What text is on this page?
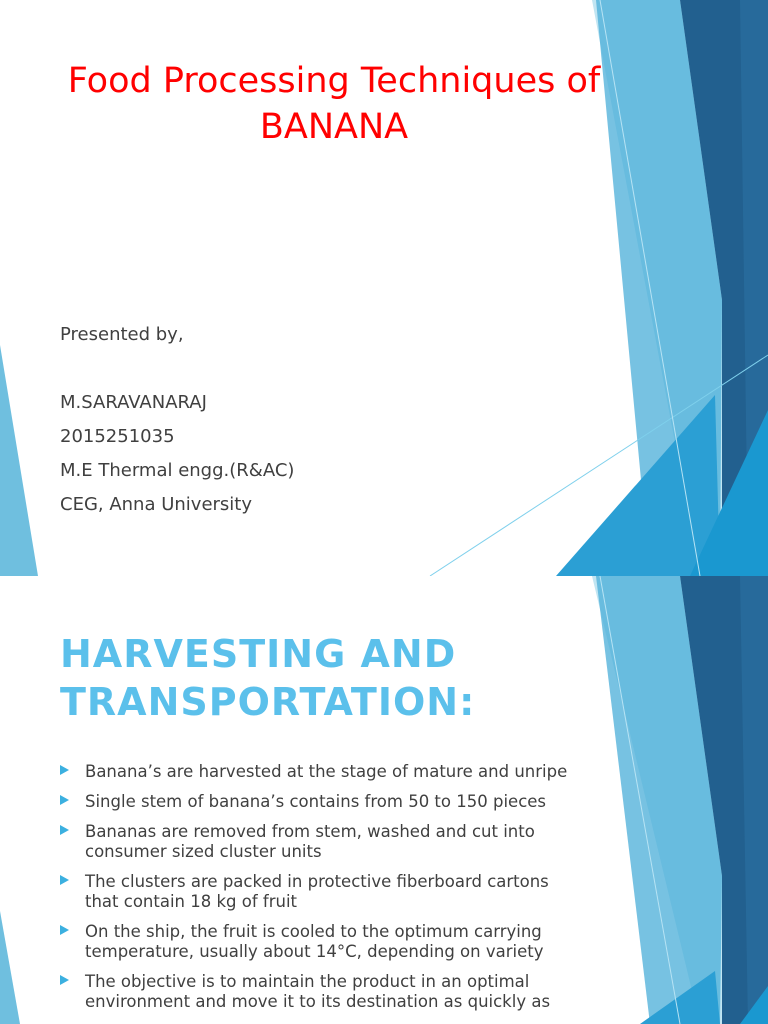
Food Processing Techniques of BANANA
Presented by,
M.SARAVANARAJ
2015251035
M.E Thermal engg.(R&AC)
CEG, Anna University
HARVESTING AND
TRANSPORTATION:
Banana’s are harvested at the stage of mature and unripe
Single stem of banana’s contains from 50 to 150 pieces
Bananas are removed from stem, washed and cut into consumer sized cluster units
The clusters are packed in protective fiberboard cartons that contain 18 kg of fruit
On the ship, the fruit is cooled to the optimum carrying temperature, usually about 14°C, depending on variety
The objective is to maintain the product in an optimal environment and move it to its destination as quickly as
